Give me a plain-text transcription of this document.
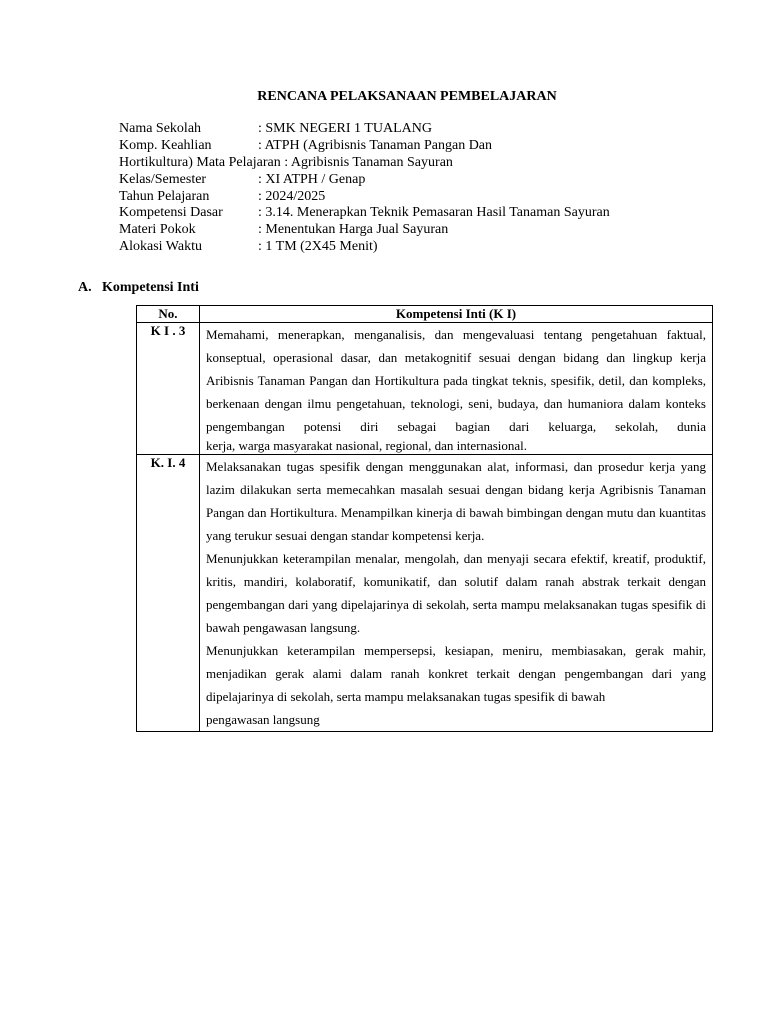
RENCANA PELAKSANAAN PEMBELAJARAN
Nama Sekolah	: SMK NEGERI 1 TUALANG
Komp. Keahlian	: ATPH (Agribisnis Tanaman Pangan Dan
Hortikultura) Mata Pelajaran : Agribisnis Tanaman Sayuran
Kelas/Semester	: XI ATPH / Genap
Tahun Pelajaran	: 2024/2025
Kompetensi Dasar	: 3.14. Menerapkan Teknik Pemasaran Hasil Tanaman Sayuran
Materi Pokok	: Menentukan Harga Jual Sayuran
Alokasi Waktu	: 1 TM (2X45 Menit)
A. Kompetensi Inti
No.	Kompetensi Inti (K I)
K I . 3	Memahami, menerapkan, menganalisis, dan mengevaluasi tentang pengetahuan faktual, konseptual, operasional dasar, dan metakognitif sesuai dengan bidang dan lingkup kerja Aribisnis Tanaman Pangan dan Hortikultura pada tingkat teknis, spesifik, detil, dan kompleks, berkenaan dengan ilmu pengetahuan, teknologi, seni, budaya, dan humaniora dalam konteks pengembangan potensi diri sebagai bagian dari keluarga, sekolah, dunia
kerja, warga masyarakat nasional, regional, dan internasional.

K. I. 4	Melaksanakan tugas spesifik dengan menggunakan alat, informasi, dan prosedur kerja yang lazim dilakukan serta memecahkan masalah sesuai dengan bidang kerja Agribisnis Tanaman Pangan dan Hortikultura. Menampilkan kinerja di bawah bimbingan dengan mutu dan kuantitas yang terukur sesuai dengan standar kompetensi kerja.
Menunjukkan keterampilan menalar, mengolah, dan menyaji secara efektif, kreatif, produktif, kritis, mandiri, kolaboratif, komunikatif, dan solutif dalam ranah abstrak terkait dengan pengembangan dari yang dipelajarinya di sekolah, serta mampu melaksanakan tugas spesifik di bawah pengawasan langsung.
Menunjukkan keterampilan mempersepsi, kesiapan, meniru, membiasakan, gerak mahir, menjadikan gerak alami dalam ranah konkret terkait dengan pengembangan dari yang dipelajarinya di sekolah, serta mampu melaksanakan tugas spesifik di bawah
pengawasan langsung
